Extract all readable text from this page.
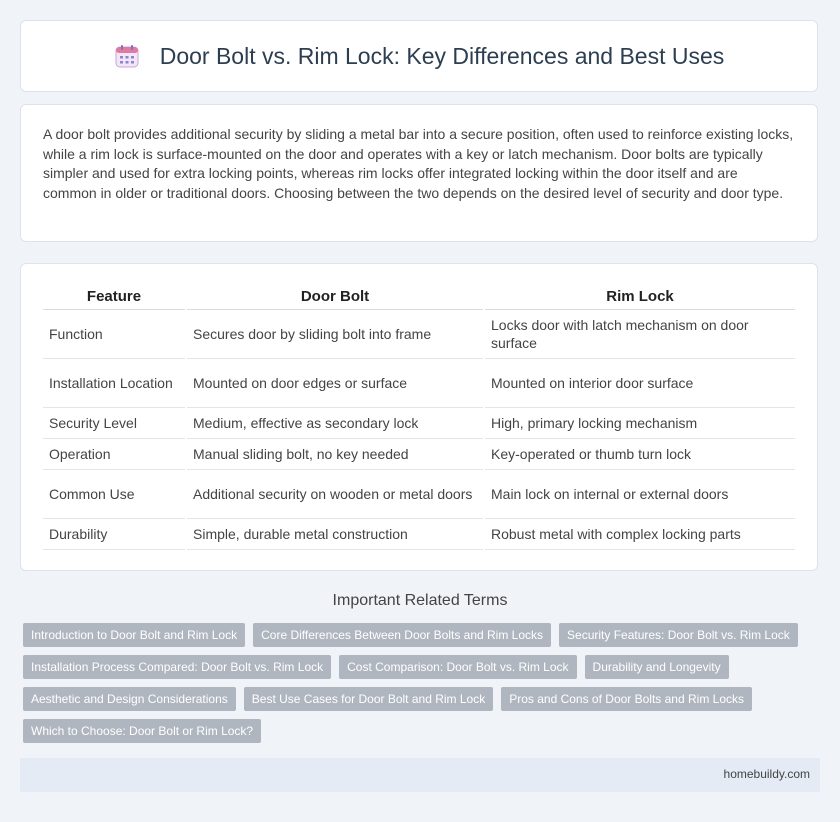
Door Bolt vs. Rim Lock: Key Differences and Best Uses

A door bolt provides additional security by sliding a metal bar into a secure position, often used to reinforce existing locks, while a rim lock is surface-mounted on the door and operates with a key or latch mechanism. Door bolts are typically simpler and used for extra locking points, whereas rim locks offer integrated locking within the door itself and are common in older or traditional doors. Choosing between the two depends on the desired level of security and door type.

Feature	Door Bolt	Rim Lock
Function	Secures door by sliding bolt into frame	Locks door with latch mechanism on door surface
Installation Location	Mounted on door edges or surface	Mounted on interior door surface
Security Level	Medium, effective as secondary lock	High, primary locking mechanism
Operation	Manual sliding bolt, no key needed	Key-operated or thumb turn lock
Common Use	Additional security on wooden or metal doors	Main lock on internal or external doors
Durability	Simple, durable metal construction	Robust metal with complex locking parts
Important Related Terms
Introduction to Door Bolt and Rim Lock	Core Differences Between Door Bolts and Rim Locks	Security Features: Door Bolt vs. Rim Lock
Installation Process Compared: Door Bolt vs. Rim Lock	Cost Comparison: Door Bolt vs. Rim Lock	Durability and Longevity
Aesthetic and Design Considerations	Best Use Cases for Door Bolt and Rim Lock	Pros and Cons of Door Bolts and Rim Locks
Which to Choose: Door Bolt or Rim Lock?
homebuildy.com
